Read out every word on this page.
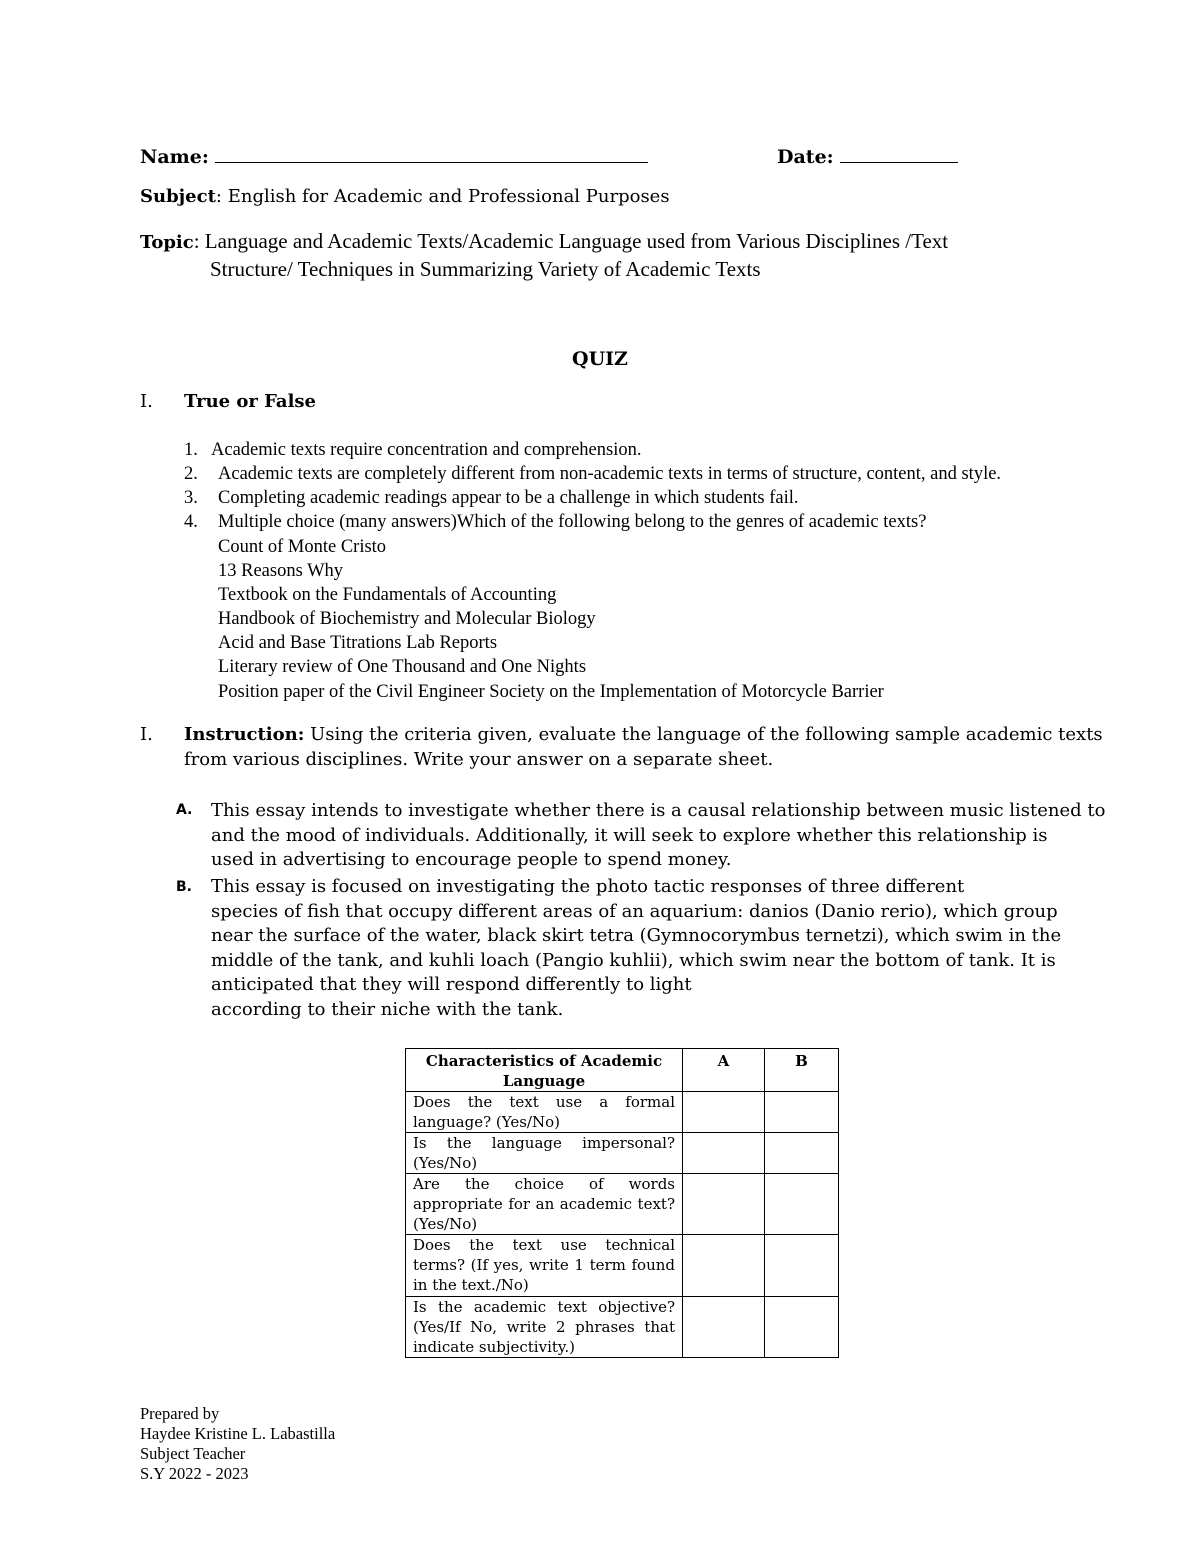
Name:	Date:
Subject: English for Academic and Professional Purposes
Topic: Language and Academic Texts/Academic Language used from Various Disciplines /Text
Structure/ Techniques in Summarizing Variety of Academic Texts
QUIZ
I. True or False
1. Academic texts require concentration and comprehension.
2. Academic texts are completely different from non-academic texts in terms of structure, content, and style.
3. Completing academic readings appear to be a challenge in which students fail.
4. Multiple choice (many answers)Which of the following belong to the genres of academic texts?
Count of Monte Cristo
13 Reasons Why
Textbook on the Fundamentals of Accounting
Handbook of Biochemistry and Molecular Biology
Acid and Base Titrations Lab Reports
Literary review of One Thousand and One Nights
Position paper of the Civil Engineer Society on the Implementation of Motorcycle Barrier
I. Instruction: Using the criteria given, evaluate the language of the following sample academic texts
from various disciplines. Write your answer on a separate sheet.
A. This essay intends to investigate whether there is a causal relationship between music listened to
and the mood of individuals. Additionally, it will seek to explore whether this relationship is
used in advertising to encourage people to spend money.
B. This essay is focused on investigating the photo tactic responses of three different
species of fish that occupy different areas of an aquarium: danios (Danio rerio), which group
near the surface of the water, black skirt tetra (Gymnocorymbus ternetzi), which swim in the
middle of the tank, and kuhli loach (Pangio kuhlii), which swim near the bottom of tank. It is
anticipated that they will respond differently to light
according to their niche with the tank.
Characteristics of Academic Language	A	B
Does the text use a formal language? (Yes/No)		
Is the language impersonal? (Yes/No)		
Are the choice of words appropriate for an academic text? (Yes/No)		
Does the text use technical terms? (If yes, write 1 term found in the text./No)		
Is the academic text objective? (Yes/If No, write 2 phrases that indicate subjectivity.)		
Prepared by
Haydee Kristine L. Labastilla
Subject Teacher
S.Y 2022 - 2023
